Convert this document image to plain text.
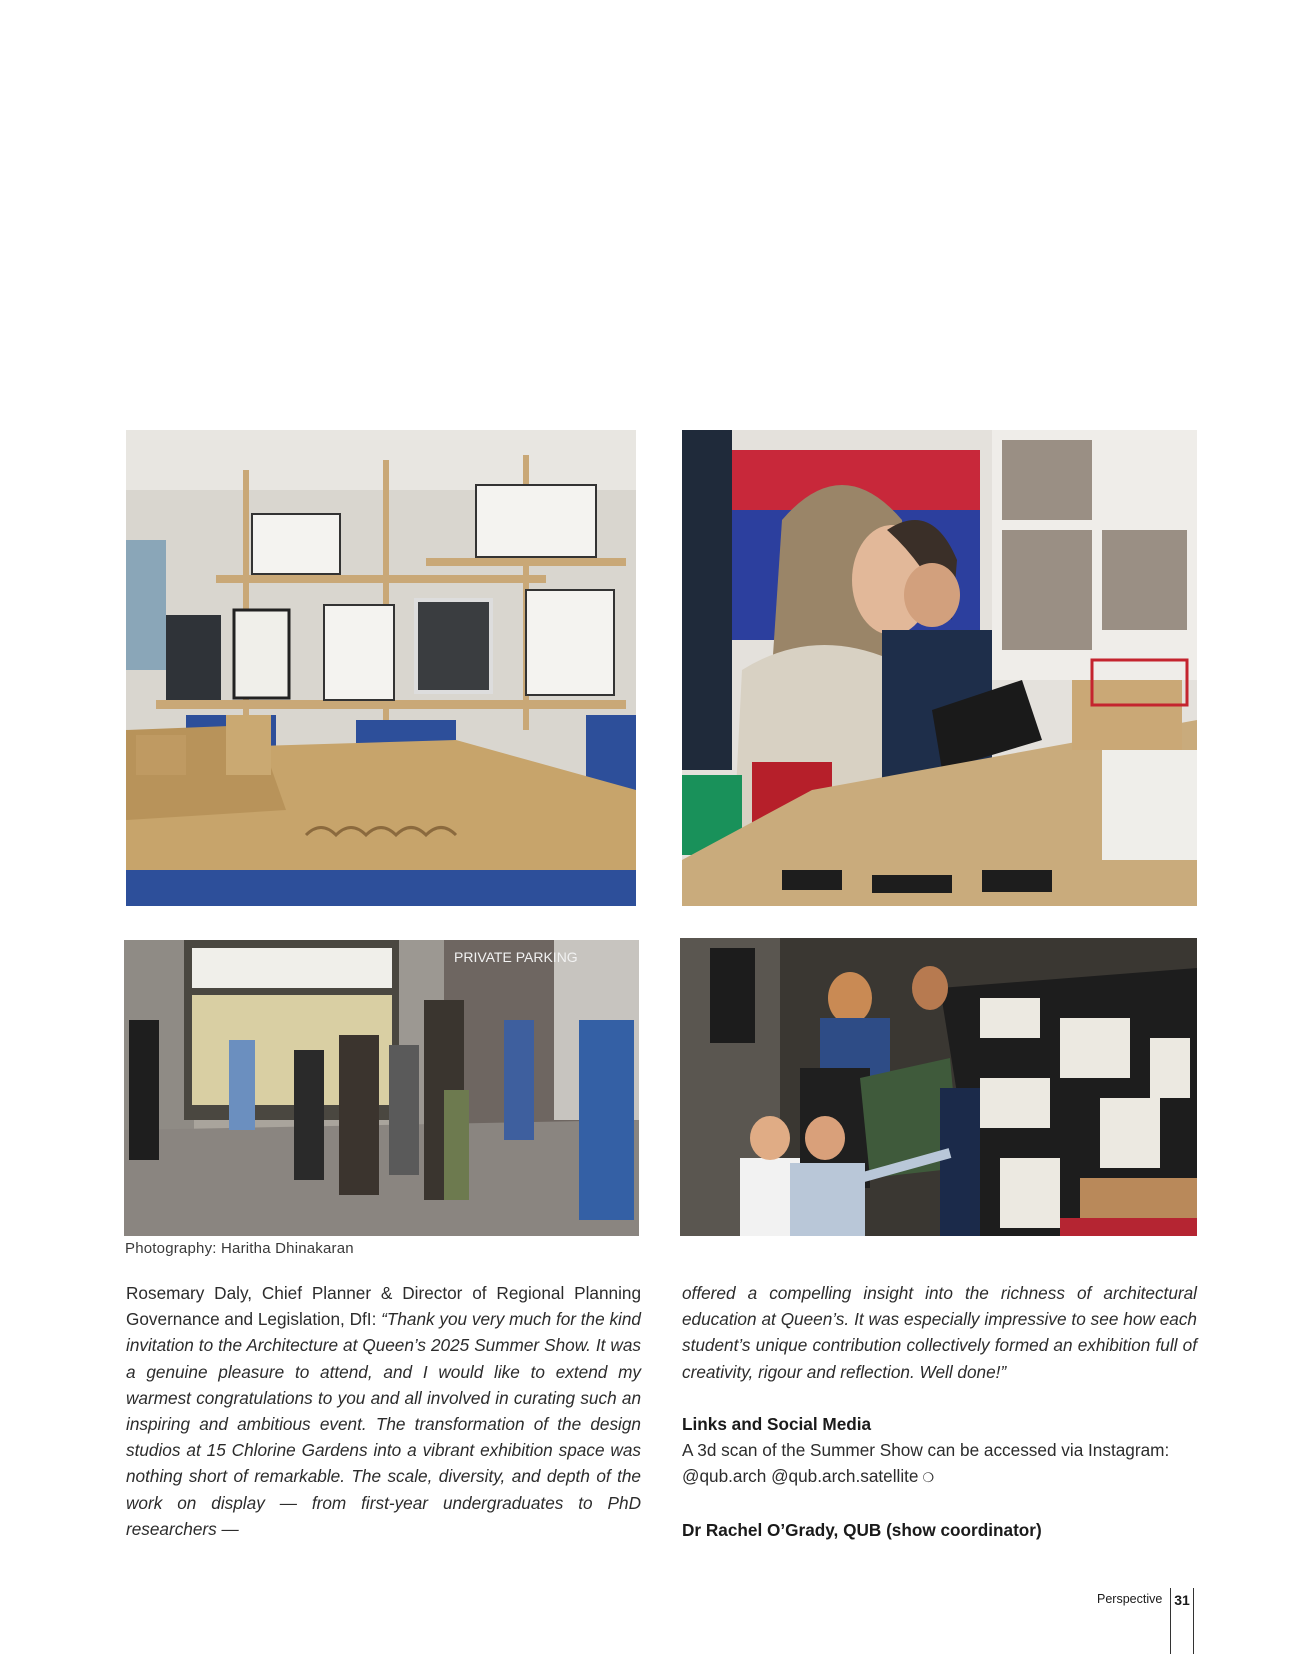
PRIVATE PARKING
Photography: Haritha Dhinakaran
Rosemary Daly, Chief Planner & Director of Regional Planning Governance and Legislation, DfI: “Thank you very much for the kind invitation to the Architecture at Queen’s 2025 Summer Show. It was a genuine pleasure to attend, and I would like to extend my warmest congratulations to you and all involved in curating such an inspiring and ambitious event. The transformation of the design studios at 15 Chlorine Gardens into a vibrant exhibition space was nothing short of remarkable. The scale, diversity, and depth of the work on display — from first-year undergraduates to PhD researchers —
offered a compelling insight into the richness of architectural education at Queen’s. It was especially impressive to see how each student’s unique contribution collectively formed an exhibition full of creativity, rigour and reflection. Well done!”
Links and Social Media
A 3d scan of the Summer Show can be accessed via Instagram: @qub.arch @qub.arch.satellite ❍
Dr Rachel O’Grady, QUB (show coordinator)
Perspective 31
